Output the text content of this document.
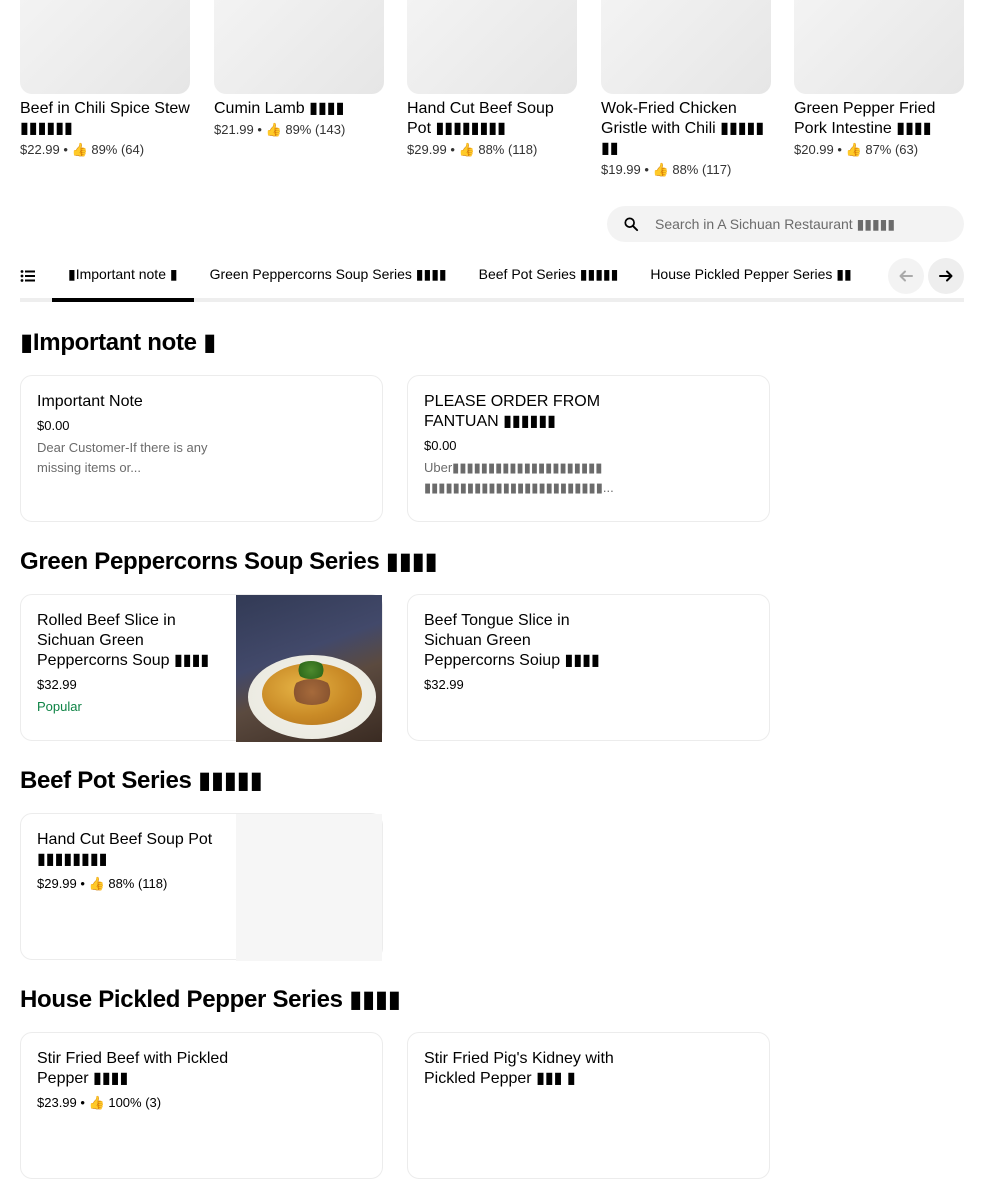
Beef in Chili Spice Stew ▮▮▮▮▮▮
$22.99 • 👍 89% (64)
Cumin Lamb ▮▮▮▮
$21.99 • 👍 89% (143)
Hand Cut Beef Soup Pot ▮▮▮▮▮▮▮▮
$29.99 • 👍 88% (118)
Wok-Fried Chicken Gristle with Chili ▮▮▮▮▮ ▮▮
$19.99 • 👍 88% (117)
Green Pepper Fried Pork Intestine ▮▮▮▮
$20.99 • 👍 87% (63)
Search in A Sichuan Restaurant ▮▮▮▮▮
▮Important note ▮ Green Peppercorns Soup Series ▮▮▮▮ Beef Pot Series ▮▮▮▮▮ House Pickled Pepper Series ▮▮
▮Important note ▮
Important Note
$0.00
Dear Customer-If there is any missing items or...
PLEASE ORDER FROM FANTUAN ▮▮▮▮▮▮
$0.00
Uber▮▮▮▮▮▮▮▮▮▮▮▮▮▮▮▮▮▮▮▮▮ ▮▮▮▮▮▮▮▮▮▮▮▮▮▮▮▮▮▮▮▮▮▮▮▮▮...
Green Peppercorns Soup Series ▮▮▮▮
Rolled Beef Slice in Sichuan Green Peppercorns Soup ▮▮▮▮
$32.99
Popular
Beef Tongue Slice in Sichuan Green Peppercorns Soiup ▮▮▮▮
$32.99
Beef Pot Series ▮▮▮▮▮
Hand Cut Beef Soup Pot ▮▮▮▮▮▮▮▮
$29.99 • 👍 88% (118)
House Pickled Pepper Series ▮▮▮▮
Stir Fried Beef with Pickled Pepper ▮▮▮▮
$23.99 • 👍 100% (3)
Stir Fried Pig's Kidney with Pickled Pepper ▮▮▮ ▮
